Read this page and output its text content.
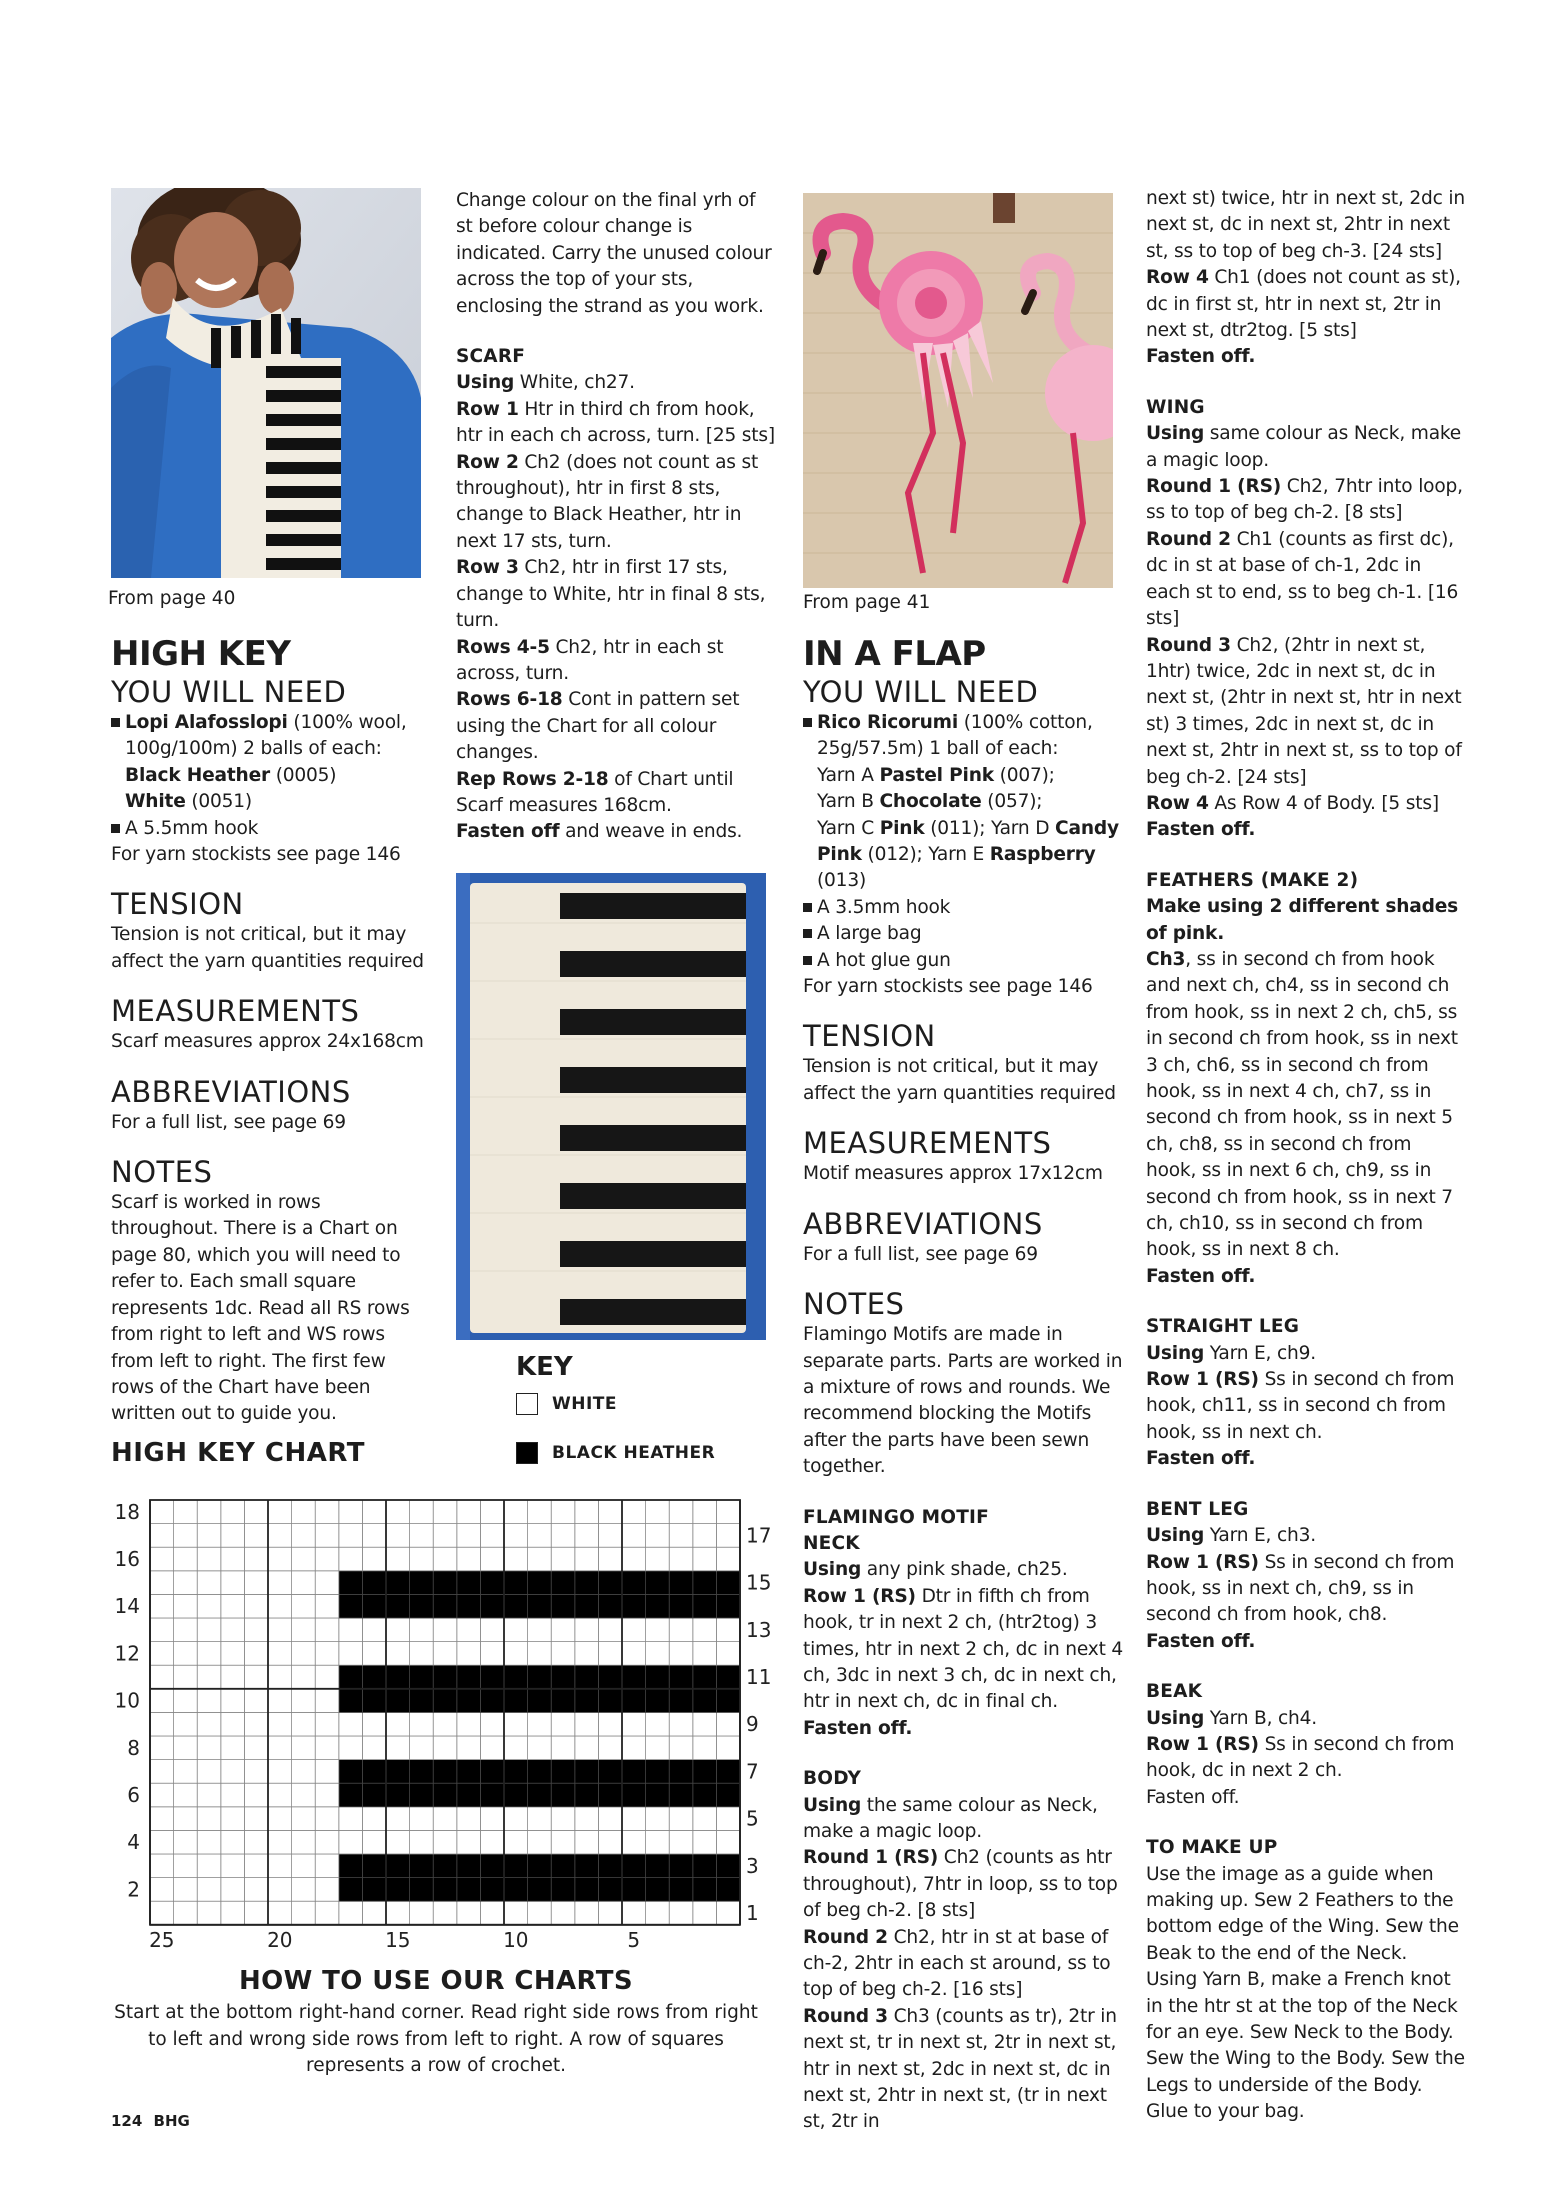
From page 40
HIGH KEY
YOU WILL NEED
Lopi Alafosslopi (100% wool, 100g/100m) 2 balls of each:
Black Heather (0005)
White (0051)
A 5.5mm hook

For yarn stockists see page 146

TENSION

Tension is not critical, but it may affect the yarn quantities required

MEASUREMENTS

Scarf measures approx 24x168cm

ABBREVIATIONS

For a full list, see page 69

NOTES

Scarf is worked in rows throughout. There is a Chart on page 80, which you will need to refer to. Each small square represents 1dc. Read all RS rows from right to left and WS rows from left to right. The first few rows of the Chart have been written out to guide you.

Change colour on the final yrh of st before colour change is indicated. Carry the unused colour across the top of your sts, enclosing the strand as you work.

SCARF

Using White, ch27.

Row 1 Htr in third ch from hook, htr in each ch across, turn. [25 sts]

Row 2 Ch2 (does not count as st throughout), htr in first 8 sts, change to Black Heather, htr in next 17 sts, turn.

Row 3 Ch2, htr in first 17 sts, change to White, htr in final 8 sts, turn.

Rows 4-5 Ch2, htr in each st across, turn.

Rows 6-18 Cont in pattern set using the Chart for all colour changes.

Rep Rows 2-18 of Chart until Scarf measures 168cm.

Fasten off and weave in ends.

KEY
WHITE
BLACK HEATHER
HIGH KEY CHART
18
16
14
12
10
8
6
4
2
17
15
13
11
9
7
5
3
1
25	20	15	10	5
HOW TO USE OUR CHARTS
Start at the bottom right-hand corner. Read right side rows from right to left and wrong side rows from left to right. A row of squares represents a row of crochet.
From page 41
IN A FLAP
YOU WILL NEED
Rico Ricorumi (100% cotton, 25g/57.5m) 1 ball of each:
Yarn A Pastel Pink (007);
Yarn B Chocolate (057);
Yarn C Pink (011); Yarn D Candy Pink (012); Yarn E Raspberry (013)
A 3.5mm hook
A large bag
A hot glue gun

For yarn stockists see page 146

TENSION

Tension is not critical, but it may affect the yarn quantities required

MEASUREMENTS

Motif measures approx 17x12cm

ABBREVIATIONS

For a full list, see page 69

NOTES

Flamingo Motifs are made in separate parts. Parts are worked in a mixture of rows and rounds. We recommend blocking the Motifs after the parts have been sewn together.

FLAMINGO MOTIF

NECK

Using any pink shade, ch25.

Row 1 (RS) Dtr in fifth ch from hook, tr in next 2 ch, (htr2tog) 3 times, htr in next 2 ch, dc in next 4 ch, 3dc in next 3 ch, dc in next ch, htr in next ch, dc in final ch.

Fasten off.

BODY

Using the same colour as Neck, make a magic loop.

Round 1 (RS) Ch2 (counts as htr throughout), 7htr in loop, ss to top of beg ch-2. [8 sts]

Round 2 Ch2, htr in st at base of ch-2, 2htr in each st around, ss to top of beg ch-2. [16 sts]

Round 3 Ch3 (counts as tr), 2tr in next st, tr in next st, 2tr in next st, htr in next st, 2dc in next st, dc in next st, 2htr in next st, (tr in next st, 2tr in

next st) twice, htr in next st, 2dc in next st, dc in next st, 2htr in next st, ss to top of beg ch-3. [24 sts]

Row 4 Ch1 (does not count as st), dc in first st, htr in next st, 2tr in next st, dtr2tog. [5 sts]

Fasten off.

WING

Using same colour as Neck, make a magic loop.

Round 1 (RS) Ch2, 7htr into loop, ss to top of beg ch-2. [8 sts]

Round 2 Ch1 (counts as first dc), dc in st at base of ch-1, 2dc in each st to end, ss to beg ch-1. [16 sts]

Round 3 Ch2, (2htr in next st, 1htr) twice, 2dc in next st, dc in next st, (2htr in next st, htr in next st) 3 times, 2dc in next st, dc in next st, 2htr in next st, ss to top of beg ch-2. [24 sts]

Row 4 As Row 4 of Body. [5 sts]

Fasten off.

FEATHERS (MAKE 2)

Make using 2 different shades of pink.

Ch3, ss in second ch from hook and next ch, ch4, ss in second ch from hook, ss in next 2 ch, ch5, ss in second ch from hook, ss in next 3 ch, ch6, ss in second ch from hook, ss in next 4 ch, ch7, ss in second ch from hook, ss in next 5 ch, ch8, ss in second ch from hook, ss in next 6 ch, ch9, ss in second ch from hook, ss in next 7 ch, ch10, ss in second ch from hook, ss in next 8 ch.

Fasten off.

STRAIGHT LEG

Using Yarn E, ch9.

Row 1 (RS) Ss in second ch from hook, ch11, ss in second ch from hook, ss in next ch.

Fasten off.

BENT LEG

Using Yarn E, ch3.

Row 1 (RS) Ss in second ch from hook, ss in next ch, ch9, ss in second ch from hook, ch8.

Fasten off.

BEAK

Using Yarn B, ch4.

Row 1 (RS) Ss in second ch from hook, dc in next 2 ch.

Fasten off.

TO MAKE UP

Use the image as a guide when making up. Sew 2 Feathers to the bottom edge of the Wing. Sew the Beak to the end of the Neck.

Using Yarn B, make a French knot in the htr st at the top of the Neck for an eye. Sew Neck to the Body. Sew the Wing to the Body. Sew the Legs to underside of the Body.

Glue to your bag.

124 BHG
